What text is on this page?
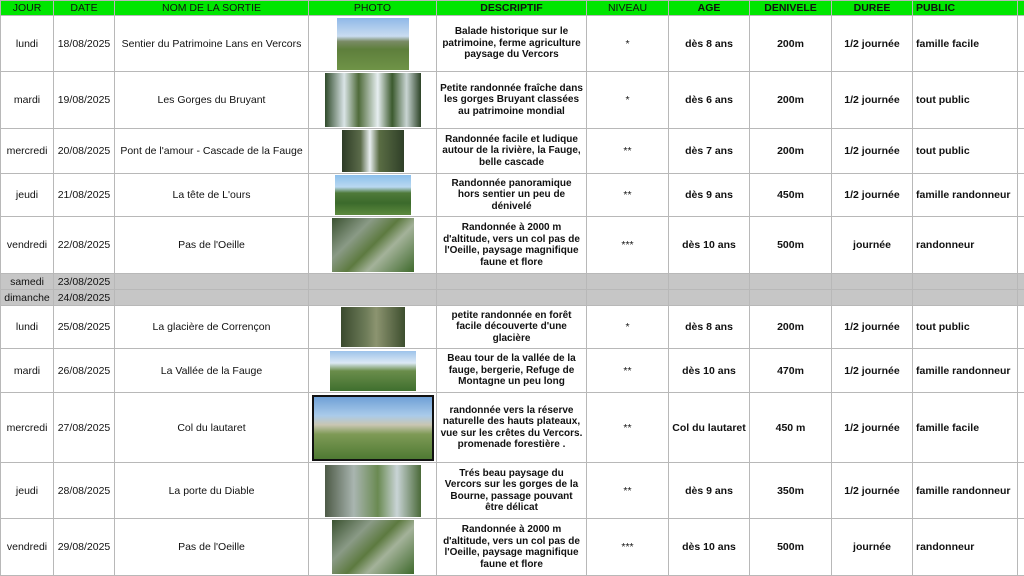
JOUR	DATE	NOM DE LA SORTIE	PHOTO	DESCRIPTIF	NIVEAU	AGE	DENIVELE	DUREE	PUBLIC	
lundi	18/08/2025	Sentier du Patrimoine Lans en Vercors		Balade historique sur le patrimoine, ferme agriculture paysage du Vercors	*	dès 8 ans	200m	1/2 journée	famille facile	
mardi	19/08/2025	Les Gorges du Bruyant		Petite randonnée fraîche dans les gorges Bruyant classées au patrimoine mondial	*	dès 6 ans	200m	1/2 journée	tout public	
mercredi	20/08/2025	Pont de l'amour - Cascade de la Fauge		Randonnée facile et ludique autour de la rivière, la Fauge, belle cascade	**	dès 7 ans	200m	1/2 journée	tout public	
jeudi	21/08/2025	La tête de L'ours		Randonnée panoramique hors sentier un peu de dénivelé	**	dès 9 ans	450m	1/2 journée	famille randonneur	
vendredi	22/08/2025	Pas de l'Oeille		Randonnée à 2000 m d'altitude, vers un col pas de l'Oeille, paysage magnifique faune et flore	***	dès 10 ans	500m	journée	randonneur	
samedi	23/08/2025									
dimanche	24/08/2025									
lundi	25/08/2025	La glacière de Corrençon		petite randonnée en forêt facile découverte d'une glacière	*	dès 8 ans	200m	1/2 journée	tout public	
mardi	26/08/2025	La Vallée de la Fauge		Beau tour de la vallée de la fauge, bergerie, Refuge de Montagne un peu long	**	dès 10 ans	470m	1/2 journée	famille randonneur	
mercredi	27/08/2025	Col du lautaret		randonnée vers la réserve naturelle des hauts plateaux, vue sur les crêtes du Vercors. promenade forestière .	**	Col du lautaret	450 m	1/2 journée	famille facile	
jeudi	28/08/2025	La porte du Diable		Trés beau paysage du Vercors sur les gorges de la Bourne, passage pouvant être délicat	**	dès 9 ans	350m	1/2 journée	famille randonneur	
vendredi	29/08/2025	Pas de l'Oeille		Randonnée à 2000 m d'altitude, vers un col pas de l'Oeille, paysage magnifique faune et flore	***	dès 10 ans	500m	journée	randonneur	
